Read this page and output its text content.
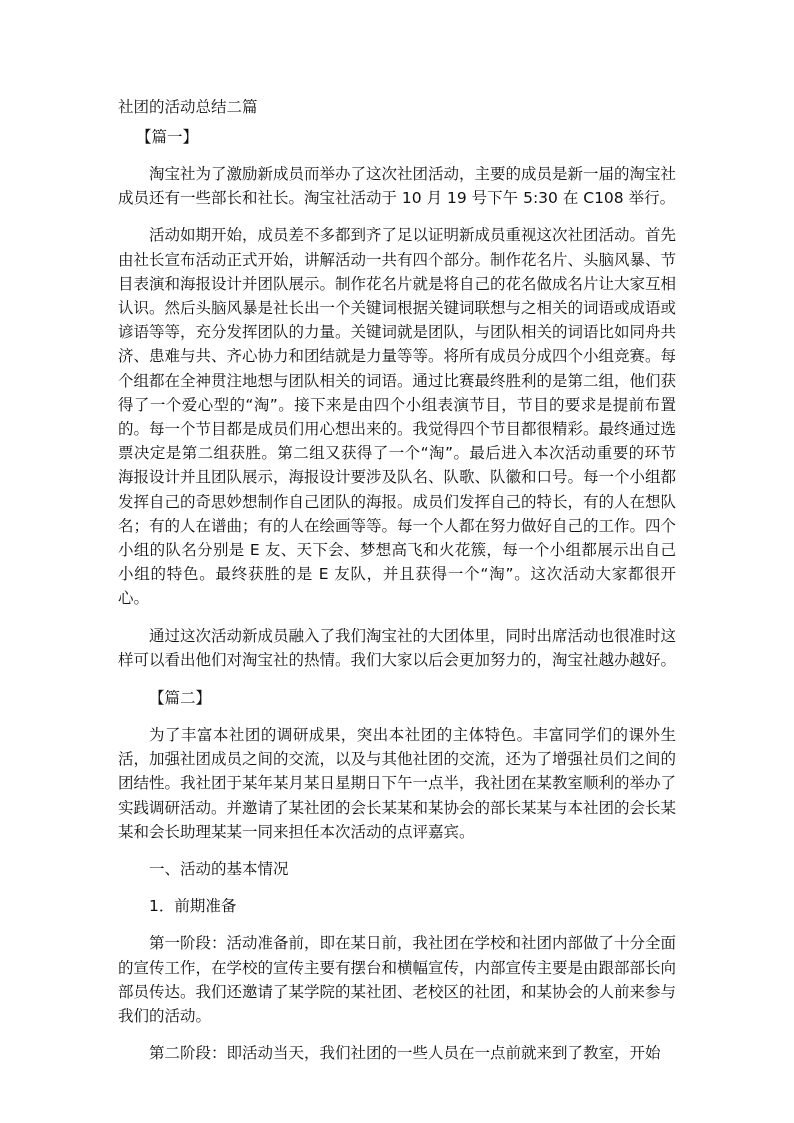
社团的活动总结二篇
【篇一】

淘宝社为了激励新成员而举办了这次社团活动，主要的成员是新一届的淘宝社成员还有一些部长和社长。淘宝社活动于 10 月 19 号下午 5:30 在 C108 举行。

活动如期开始，成员差不多都到齐了足以证明新成员重视这次社团活动。首先由社长宣布活动正式开始，讲解活动一共有四个部分。制作花名片、头脑风暴、节目表演和海报设计并团队展示。制作花名片就是将自己的花名做成名片让大家互相认识。然后头脑风暴是社长出一个关键词根据关键词联想与之相关的词语或成语或谚语等等，充分发挥团队的力量。关键词就是团队，与团队相关的词语比如同舟共济、患难与共、齐心协力和团结就是力量等等。将所有成员分成四个小组竞赛。每个组都在全神贯注地想与团队相关的词语。通过比赛最终胜利的是第二组，他们获得了一个爱心型的“淘”。接下来是由四个小组表演节目，节目的要求是提前布置的。每一个节目都是成员们用心想出来的。我觉得四个节目都很精彩。最终通过选票决定是第二组获胜。第二组又获得了一个“淘”。最后进入本次活动重要的环节海报设计并且团队展示，海报设计要涉及队名、队歌、队徽和口号。每一个小组都发挥自己的奇思妙想制作自己团队的海报。成员们发挥自己的特长，有的人在想队名；有的人在谱曲；有的人在绘画等等。每一个人都在努力做好自己的工作。四个小组的队名分别是 E 友、天下会、梦想高飞和火花簇，每一个小组都展示出自己小组的特色。最终获胜的是 E 友队，并且获得一个“淘”。这次活动大家都很开心。

通过这次活动新成员融入了我们淘宝社的大团体里，同时出席活动也很准时这样可以看出他们对淘宝社的热情。我们大家以后会更加努力的，淘宝社越办越好。

【篇二】

为了丰富本社团的调研成果，突出本社团的主体特色。丰富同学们的课外生活，加强社团成员之间的交流，以及与其他社团的交流，还为了增强社员们之间的团结性。我社团于某年某月某日星期日下午一点半，我社团在某教室顺利的举办了实践调研活动。并邀请了某社团的会长某某和某协会的部长某某与本社团的会长某某和会长助理某某一同来担任本次活动的点评嘉宾。

一、活动的基本情况

1．前期准备

第一阶段：活动准备前，即在某日前，我社团在学校和社团内部做了十分全面的宣传工作，在学校的宣传主要有摆台和横幅宣传，内部宣传主要是由跟部部长向部员传达。我们还邀请了某学院的某社团、老校区的社团，和某协会的人前来参与我们的活动。

第二阶段：即活动当天，我们社团的一些人员在一点前就来到了教室，开始
